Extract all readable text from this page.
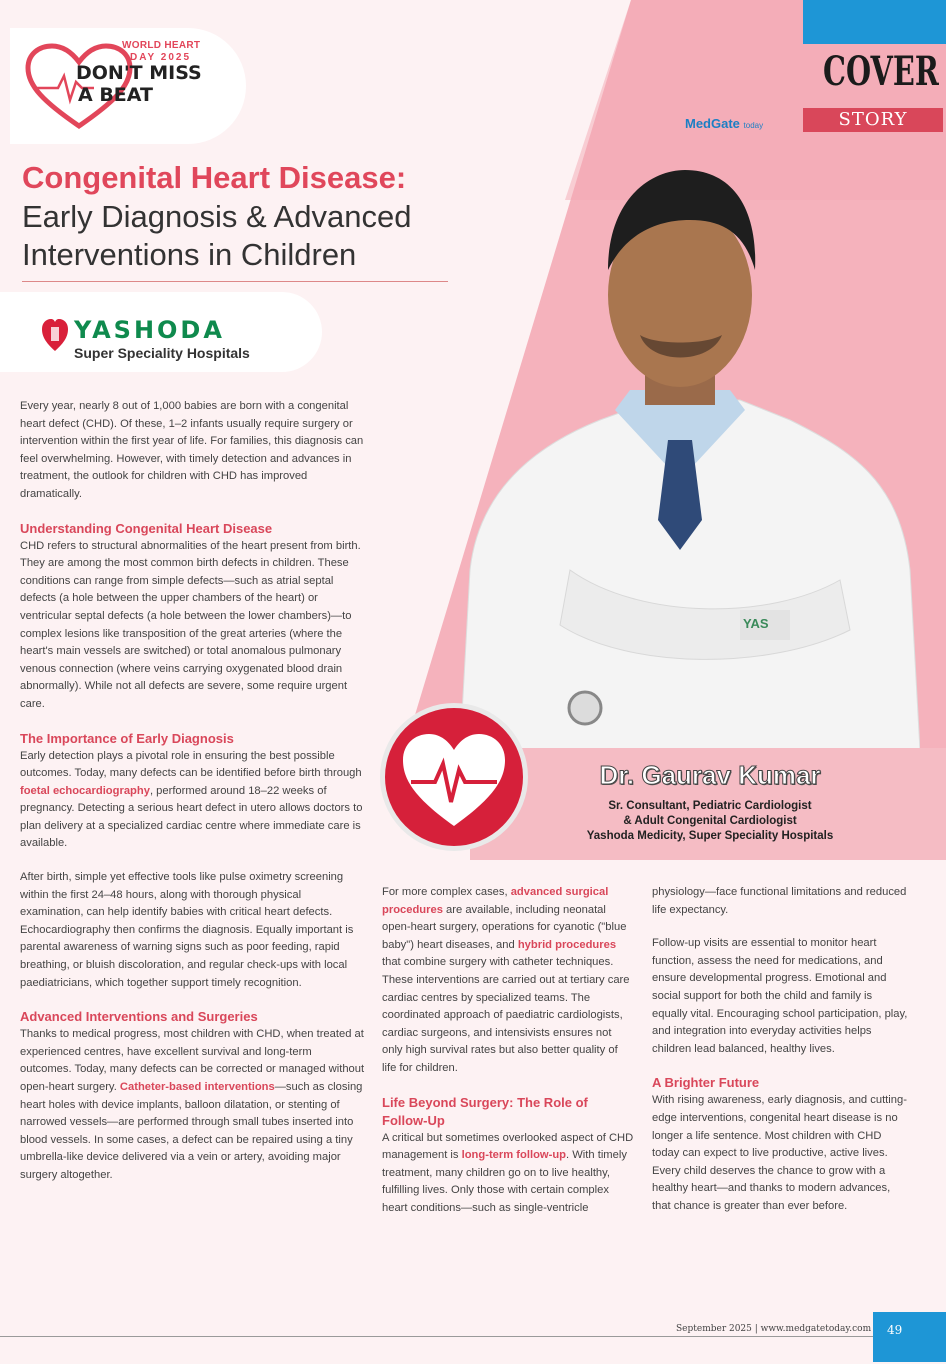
WORLD HEART
DAY 2025
DON'T MISS
A BEAT	COVER
STORY
MedGate today
Congenital Heart Disease:
Early Diagnosis & Advanced Interventions in Children
YASHODA
Super Speciality Hospitals

Every year, nearly 8 out of 1,000 babies are born with a congenital heart defect (CHD). Of these, 1–2 infants usually require surgery or intervention within the first year of life. For families, this diagnosis can feel overwhelming. However, with timely detection and advances in treatment, the outlook for children with CHD has improved dramatically.

Understanding Congenital Heart Disease

CHD refers to structural abnormalities of the heart present from birth. They are among the most common birth defects in children. These conditions can range from simple defects—such as atrial septal defects (a hole between the upper chambers of the heart) or ventricular septal defects (a hole between the lower chambers)—to complex lesions like transposition of the great arteries (where the heart's main vessels are switched) or total anomalous pulmonary venous connection (where veins carrying oxygenated blood drain abnormally). While not all defects are severe, some require urgent care.

The Importance of Early Diagnosis

Early detection plays a pivotal role in ensuring the best possible outcomes. Today, many defects can be identified before birth through foetal echocardiography, performed around 18–22 weeks of pregnancy. Detecting a serious heart defect in utero allows doctors to plan delivery at a specialized cardiac centre where immediate care is available.

After birth, simple yet effective tools like pulse oximetry screening within the first 24–48 hours, along with thorough physical examination, can help identify babies with critical heart defects. Echocardiography then confirms the diagnosis. Equally important is parental awareness of warning signs such as poor feeding, rapid breathing, or bluish discoloration, and regular check-ups with local paediatricians, which together support timely recognition.

Advanced Interventions and Surgeries

Thanks to medical progress, most children with CHD, when treated at experienced centres, have excellent survival and long-term outcomes. Today, many defects can be corrected or managed without open-heart surgery. Catheter-based interventions—such as closing heart holes with device implants, balloon dilatation, or stenting of narrowed vessels—are performed through small tubes inserted into blood vessels. In some cases, a defect can be repaired using a tiny umbrella-like device delivered via a vein or artery, avoiding major surgery altogether.

YAS
Dr. Gaurav Kumar
Sr. Consultant, Pediatric Cardiologist
& Adult Congenital Cardiologist
Yashoda Medicity, Super Speciality Hospitals

For more complex cases, advanced surgical procedures are available, including neonatal open-heart surgery, operations for cyanotic ("blue baby") heart diseases, and hybrid procedures that combine surgery with catheter techniques. These interventions are carried out at tertiary care cardiac centres by specialized teams. The coordinated approach of paediatric cardiologists, cardiac surgeons, and intensivists ensures not only high survival rates but also better quality of life for children.

Life Beyond Surgery: The Role of Follow-Up

A critical but sometimes overlooked aspect of CHD management is long-term follow-up. With timely treatment, many children go on to live healthy, fulfilling lives. Only those with certain complex heart conditions—such as single-ventricle

physiology—face functional limitations and reduced life expectancy.

Follow-up visits are essential to monitor heart function, assess the need for medications, and ensure developmental progress. Emotional and social support for both the child and family is equally vital. Encouraging school participation, play, and integration into everyday activities helps children lead balanced, healthy lives.

A Brighter Future

With rising awareness, early diagnosis, and cutting-edge interventions, congenital heart disease is no longer a life sentence. Most children with CHD today can expect to live productive, active lives. Every child deserves the chance to grow with a healthy heart—and thanks to modern advances, that chance is greater than ever before.

September 2025 | www.medgatetoday.com	49
